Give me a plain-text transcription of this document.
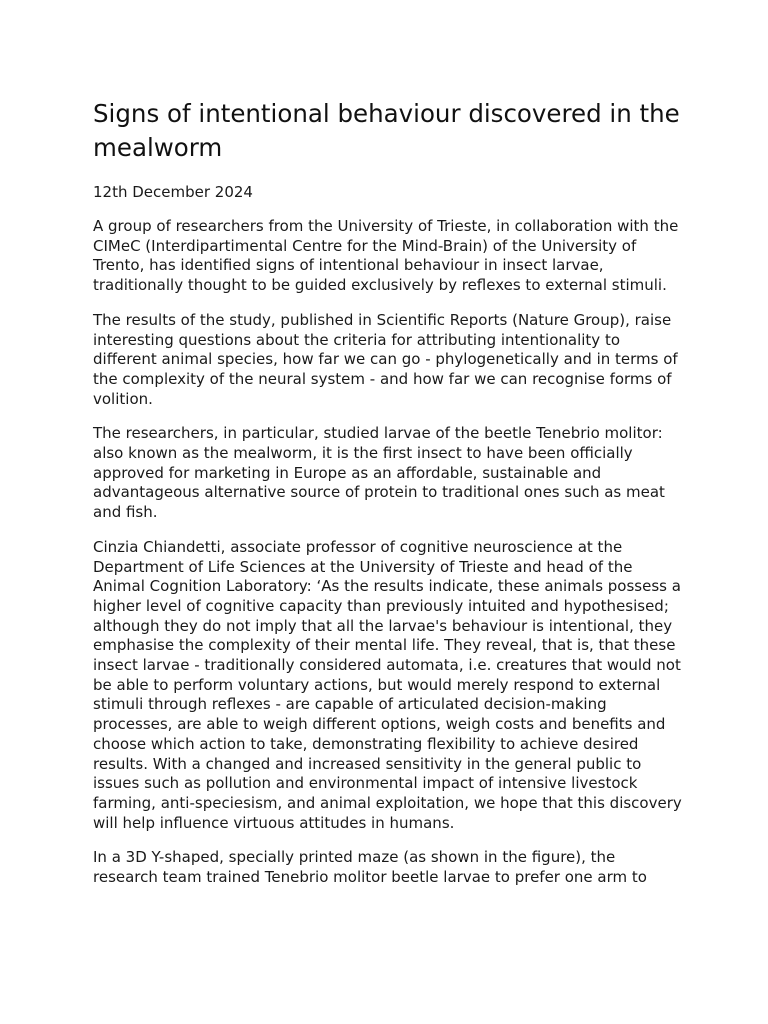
Signs of intentional behaviour discovered in the mealworm
12th December 2024

A group of researchers from the University of Trieste, in collaboration with the CIMeC (Interdipartimental Centre for the Mind-Brain) of the University of Trento, has identified signs of intentional behaviour in insect larvae, traditionally thought to be guided exclusively by reflexes to external stimuli.

The results of the study, published in Scientific Reports (Nature Group), raise interesting questions about the criteria for attributing intentionality to different animal species, how far we can go - phylogenetically and in terms of the complexity of the neural system - and how far we can recognise forms of volition.

The researchers, in particular, studied larvae of the beetle Tenebrio molitor: also known as the mealworm, it is the first insect to have been officially approved for marketing in Europe as an affordable, sustainable and advantageous alternative source of protein to traditional ones such as meat and fish.

Cinzia Chiandetti, associate professor of cognitive neuroscience at the Department of Life Sciences at the University of Trieste and head of the Animal Cognition Laboratory: ‘As the results indicate, these animals possess a higher level of cognitive capacity than previously intuited and hypothesised; although they do not imply that all the larvae's behaviour is intentional, they emphasise the complexity of their mental life. They reveal, that is, that these insect larvae - traditionally considered automata, i.e. creatures that would not be able to perform voluntary actions, but would merely respond to external stimuli through reflexes - are capable of articulated decision-making processes, are able to weigh different options, weigh costs and benefits and choose which action to take, demonstrating flexibility to achieve desired results. With a changed and increased sensitivity in the general public to issues such as pollution and environmental impact of intensive livestock farming, anti-speciesism, and animal exploitation, we hope that this discovery will help influence virtuous attitudes in humans.

In a 3D Y-shaped, specially printed maze (as shown in the figure), the research team trained Tenebrio molitor beetle larvae to prefer one arm to
